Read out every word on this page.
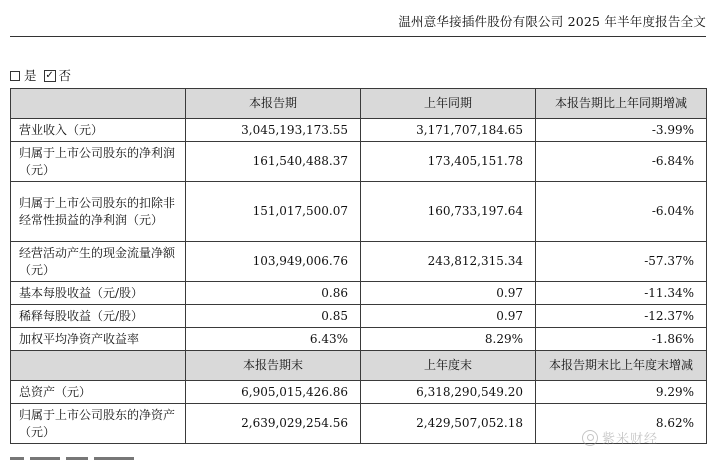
温州意华接插件股份有限公司 2025 年半年度报告全文
是 ✓ 否
	本报告期	上年同期	本报告期比上年同期增减
营业收入（元）	3,045,193,173.55	3,171,707,184.65	-3.99%
归属于上市公司股东的净利润（元）	161,540,488.37	173,405,151.78	-6.84%
归属于上市公司股东的扣除非经常性损益的净利润（元）	151,017,500.07	160,733,197.64	-6.04%
经营活动产生的现金流量净额（元）	103,949,006.76	243,812,315.34	-57.37%
基本每股收益（元/股）	0.86	0.97	-11.34%
稀释每股收益（元/股）	0.85	0.97	-12.37%
加权平均净资产收益率	6.43%	8.29%	-1.86%
	本报告期末	上年度末	本报告期末比上年度末增减
总资产（元）	6,905,015,426.86	6,318,290,549.20	9.29%
归属于上市公司股东的净资产（元）	2,639,029,254.56	2,429,507,052.18	8.62%
紫米财经
